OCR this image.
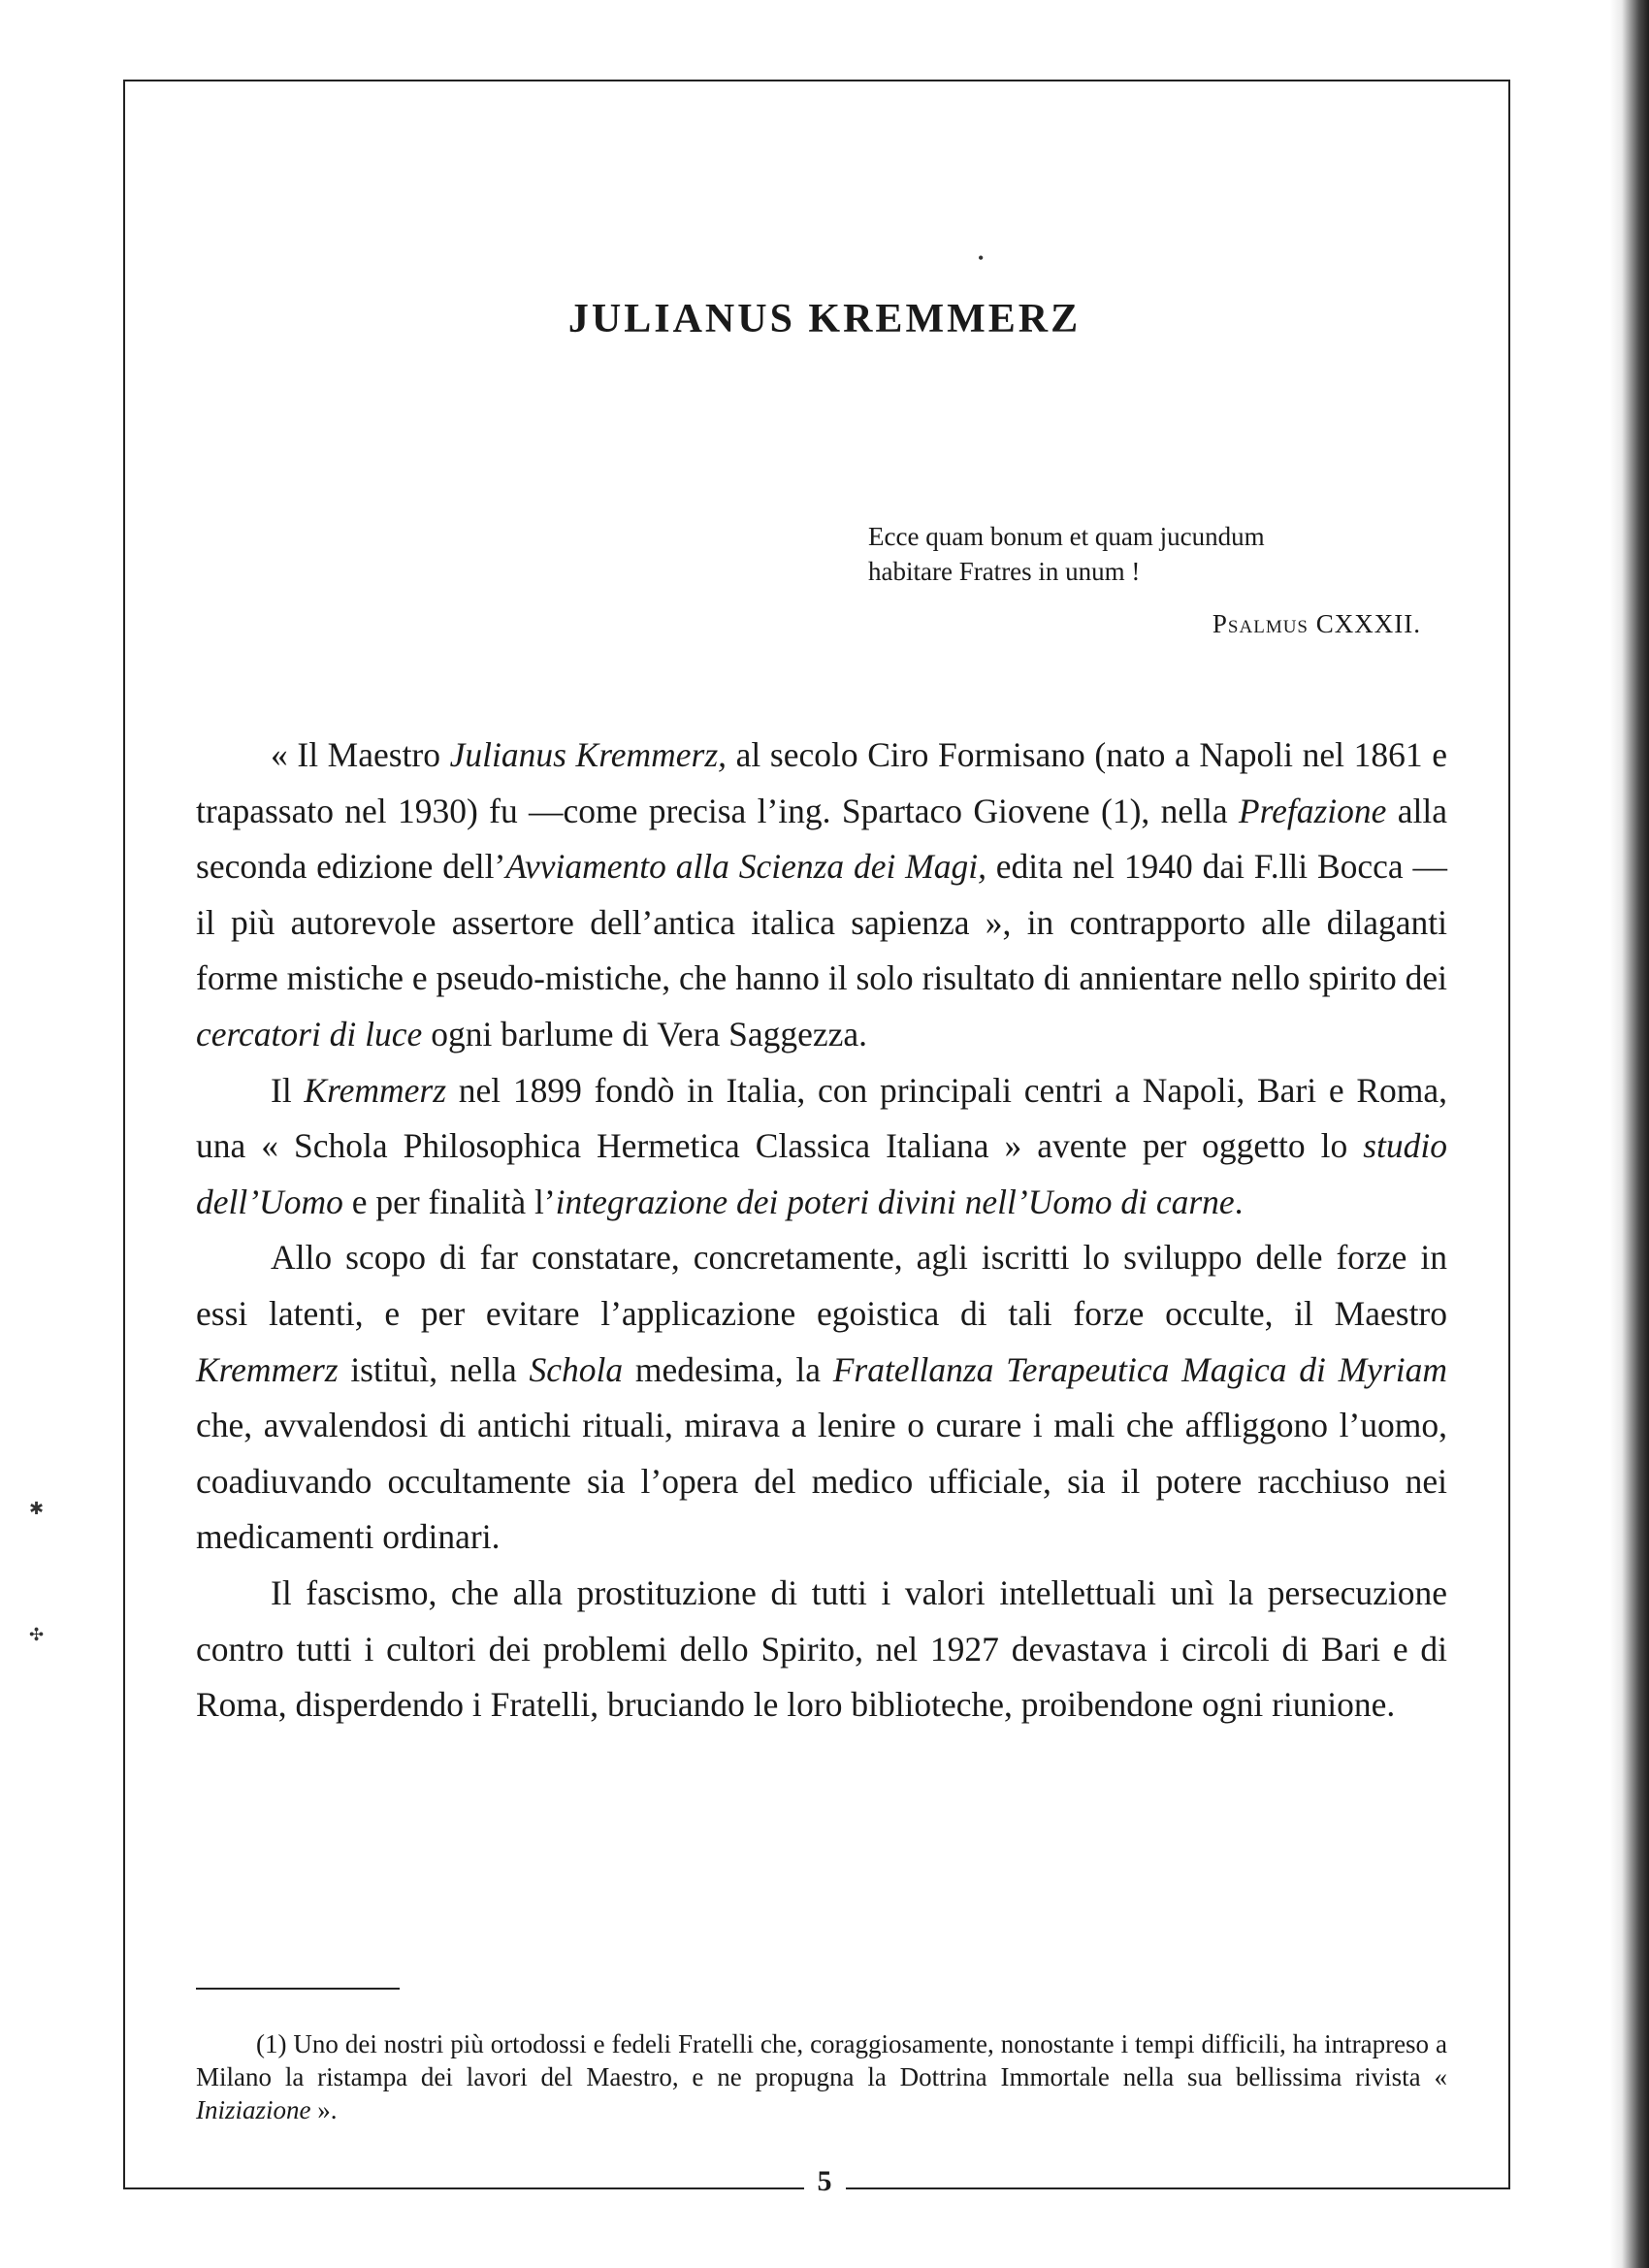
•
✱
✣
JULIANUS KREMMERZ
Ecce quam bonum et quam jucundum
habitare Fratres in unum !
Psalmus CXXXII.

« Il Maestro Julianus Kremmerz, al secolo Ciro Formisano (nato a Napoli nel 1861 e trapassato nel 1930) fu —come precisa l’ing. Spartaco Giovene (1), nella Prefazione alla seconda edizione dell’Avviamento alla Scienza dei Magi, edita nel 1940 dai F.lli Bocca —il più autorevole assertore dell’antica italica sapienza », in contrapporto alle dilaganti forme mistiche e pseudo-mistiche, che hanno il solo risultato di annientare nello spirito dei cercatori di luce ogni barlume di Vera Saggezza.

Il Kremmerz nel 1899 fondò in Italia, con principali centri a Napoli, Bari e Roma, una « Schola Philosophica Hermetica Classica Italiana » avente per oggetto lo studio dell’Uomo e per finalità l’integrazione dei poteri divini nell’Uomo di carne.

Allo scopo di far constatare, concretamente, agli iscritti lo sviluppo delle forze in essi latenti, e per evitare l’applicazione egoistica di tali forze occulte, il Maestro Kremmerz istituì, nella Schola medesima, la Fratellanza Terapeutica Magica di Myriam che, avvalendosi di antichi rituali, mirava a lenire o curare i mali che affliggono l’uomo, coadiuvando occultamente sia l’opera del medico ufficiale, sia il potere racchiuso nei medicamenti ordinari.

Il fascismo, che alla prostituzione di tutti i valori intellettuali unì la persecuzione contro tutti i cultori dei problemi dello Spirito, nel 1927 devastava i circoli di Bari e di Roma, disperdendo i Fratelli, bruciando le loro biblioteche, proibendone ogni riunione.

(1) Uno dei nostri più ortodossi e fedeli Fratelli che, coraggiosamente, nonostante i tempi difficili, ha intrapreso a Milano la ristampa dei lavori del Maestro, e ne propugna la Dottrina Immortale nella sua bellissima rivista « Iniziazione ».

5
